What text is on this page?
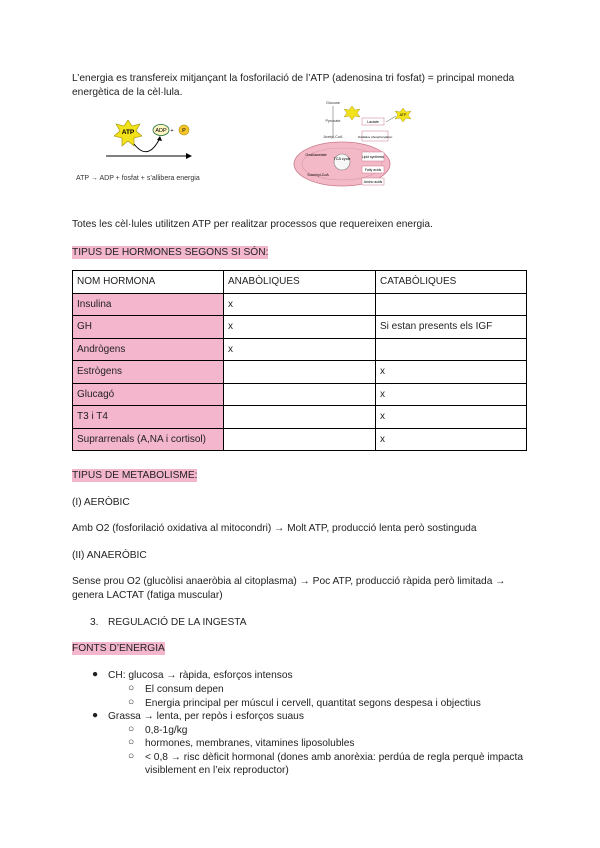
L’energia es transfereix mitjançant la fosforilació de l’ATP (adenosina tri fosfat) = principal moneda

energètica de la cèl·lula.

ATP	ADP + P
ATP → ADP + fosfat + s’allibera energia
TCA cycle
Glucose
Pyruvate	Lactate
Acetyl-CoA	Oxidative phosphorylation
Lipid synthesis
Fatty acids
Amino acids
Oxaloacetate
Succinyl-CoA
ATP

Totes les cèl·lules utilitzen ATP per realitzar processos que requereixen energia.

TIPUS DE HORMONES SEGONS SI SÓN:

NOM HORMONA	ANABÒLIQUES	CATABÒLIQUES
Insulina	x	
GH	x	Si estan presents els IGF
Andrògens	x	
Estrògens		x
Glucagó		x
T3 i T4		x
Suprarrenals (A,NA i cortisol)		x

TIPUS DE METABOLISME:

(I) AERÒBIC

Amb O2 (fosforilació oxidativa al mitocondri) → Molt ATP, producció lenta però sostinguda

(II) ANAERÒBIC

Sense prou O2 (glucòlisi anaeròbia al citoplasma) → Poc ATP, producció ràpida però limitada →

genera LACTAT (fatiga muscular)

3. REGULACIÓ DE LA INGESTA

FONTS D’ENERGIA

● CH: glucosa → ràpida, esforços intensos

○ El consum depen

○ Energia principal per múscul i cervell, quantitat segons despesa i objectius

● Grassa → lenta, per repòs i esforços suaus

○ 0,8-1g/kg

○ hormones, membranes, vitamines liposolubles

○ < 0,8 → risc dèficit hormonal (dones amb anorèxia: perdúa de regla perquè impacta

visiblement en l’eix reproductor)
